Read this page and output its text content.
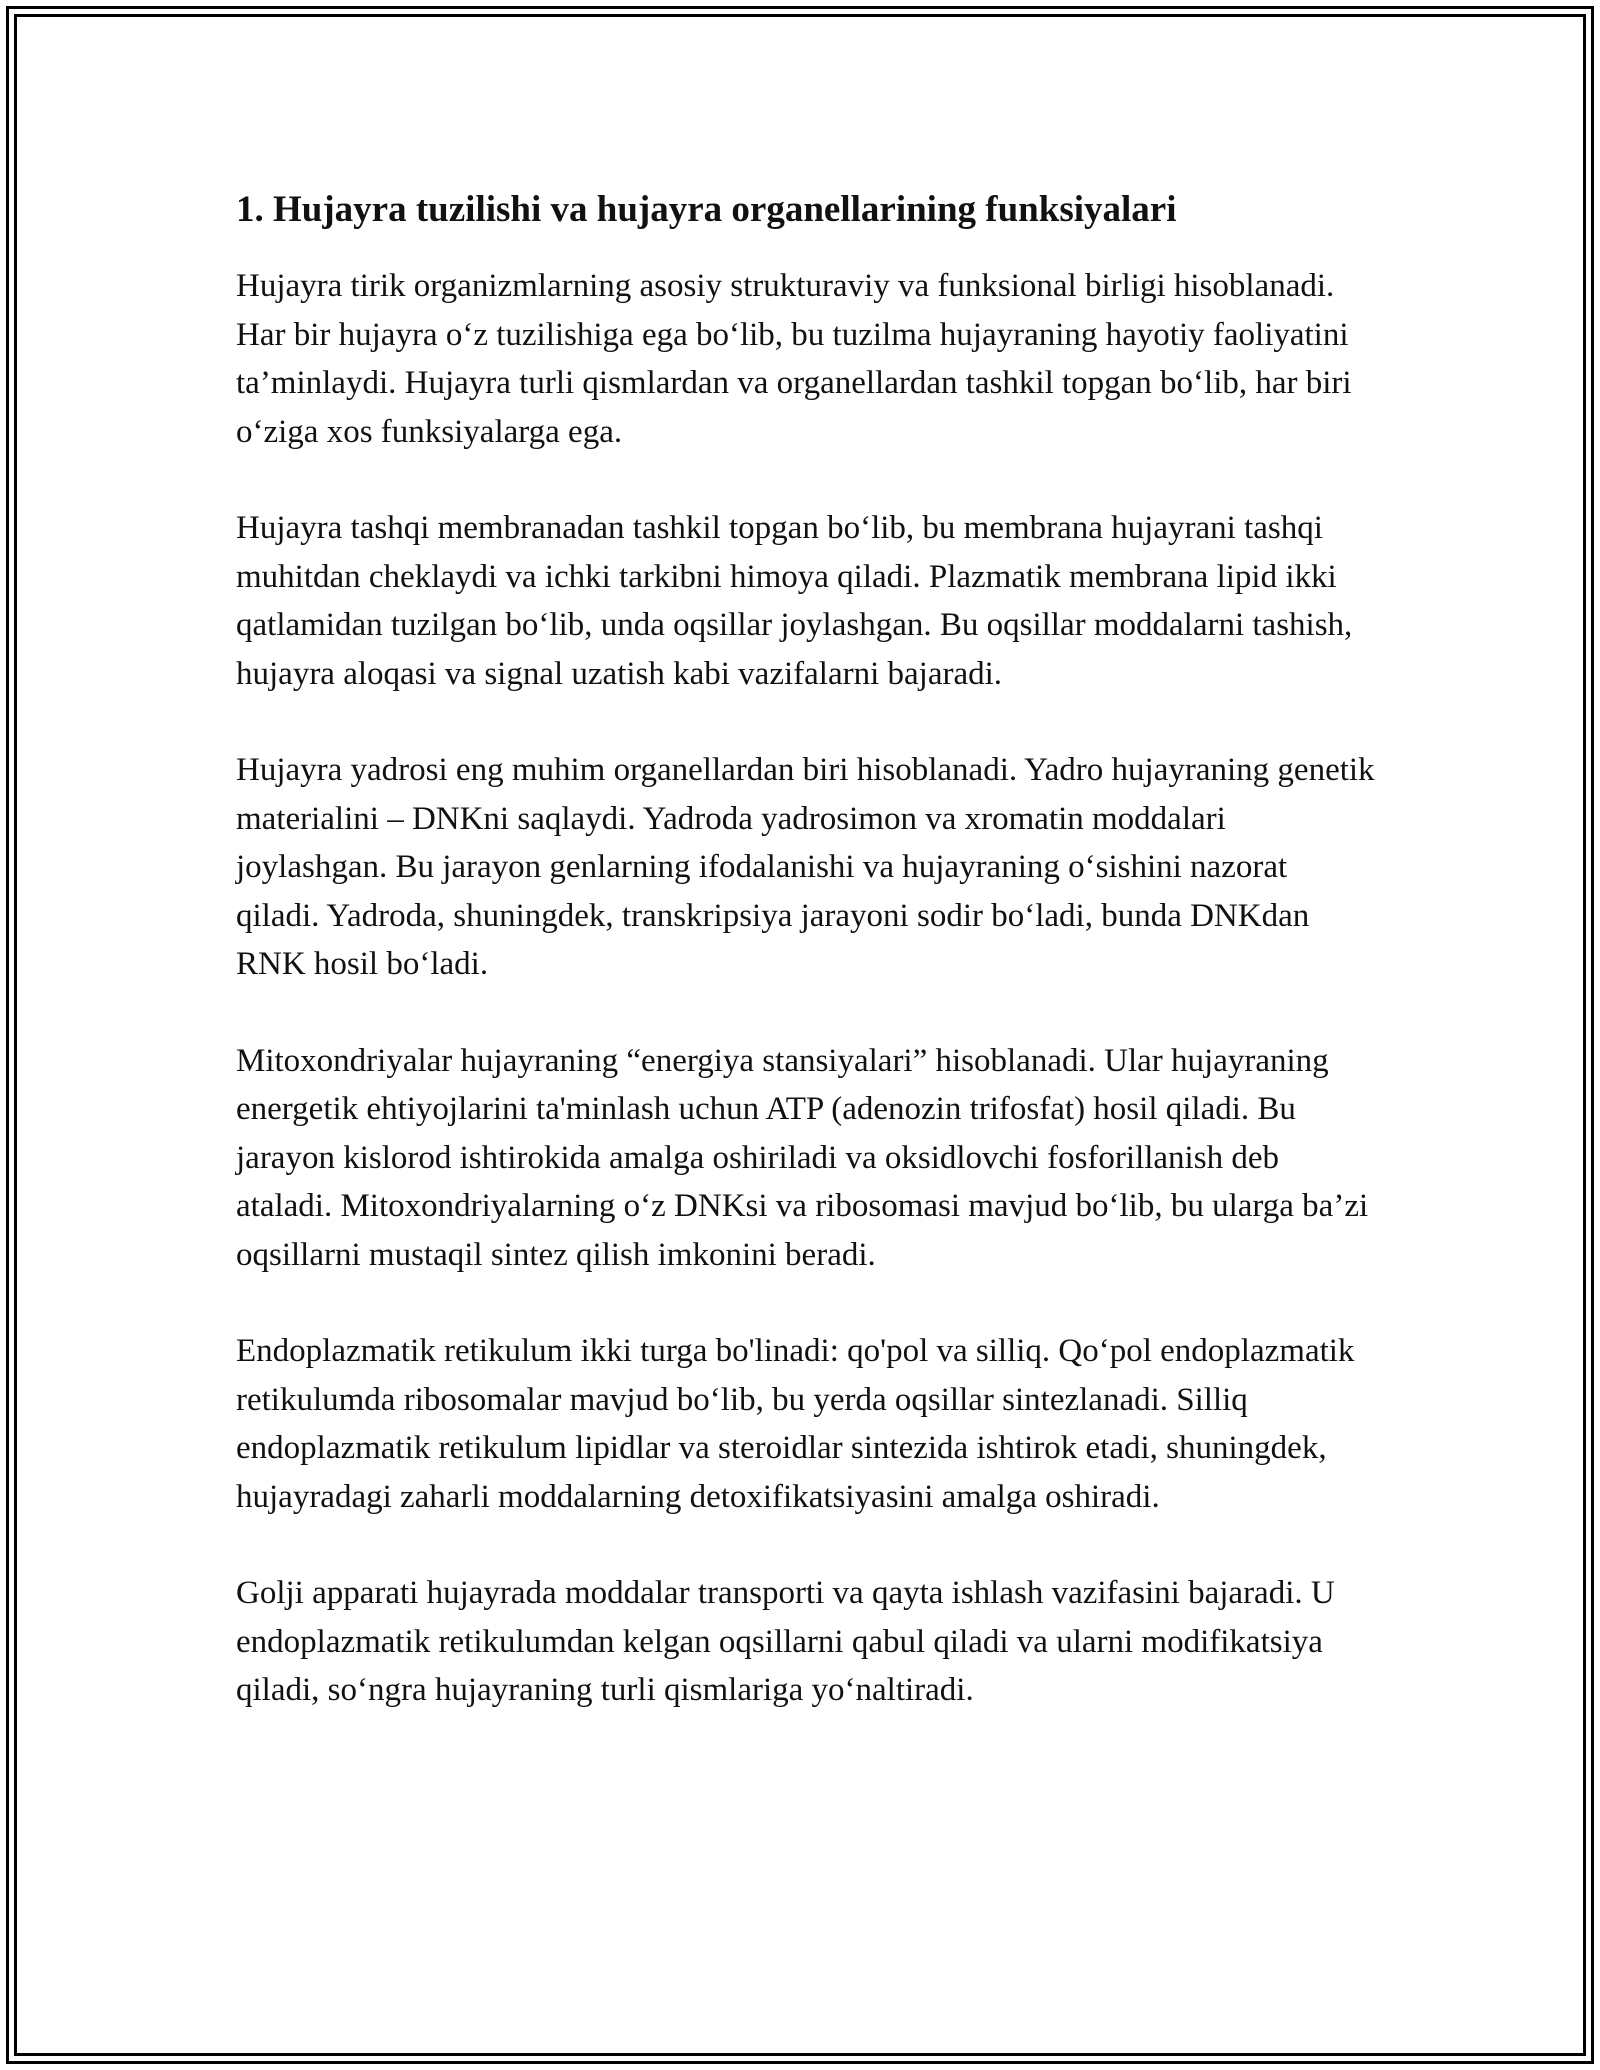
1. Hujayra tuzilishi va hujayra organellarining funksiyalari

Hujayra tirik organizmlarning asosiy strukturaviy va funksional birligi hisoblanadi. Har bir hujayra o‘z tuzilishiga ega bo‘lib, bu tuzilma hujayraning hayotiy faoliyatini ta’minlaydi. Hujayra turli qismlardan va organellardan tashkil topgan bo‘lib, har biri o‘ziga xos funksiyalarga ega.

Hujayra tashqi membranadan tashkil topgan bo‘lib, bu membrana hujayrani tashqi muhitdan cheklaydi va ichki tarkibni himoya qiladi. Plazmatik membrana lipid ikki qatlamidan tuzilgan bo‘lib, unda oqsillar joylashgan. Bu oqsillar moddalarni tashish, hujayra aloqasi va signal uzatish kabi vazifalarni bajaradi.

Hujayra yadrosi eng muhim organellardan biri hisoblanadi. Yadro hujayraning genetik materialini – DNKni saqlaydi. Yadroda yadrosimon va xromatin moddalari joylashgan. Bu jarayon genlarning ifodalanishi va hujayraning o‘sishini nazorat qiladi. Yadroda, shuningdek, transkripsiya jarayoni sodir bo‘ladi, bunda DNKdan RNK hosil bo‘ladi.

Mitoxondriyalar hujayraning “energiya stansiyalari” hisoblanadi. Ular hujayraning energetik ehtiyojlarini ta'minlash uchun ATP (adenozin trifosfat) hosil qiladi. Bu jarayon kislorod ishtirokida amalga oshiriladi va oksidlovchi fosforillanish deb ataladi. Mitoxondriyalarning o‘z DNKsi va ribosomasi mavjud bo‘lib, bu ularga ba’zi oqsillarni mustaqil sintez qilish imkonini beradi.

Endoplazmatik retikulum ikki turga bo'linadi: qo'pol va silliq. Qo‘pol endoplazmatik retikulumda ribosomalar mavjud bo‘lib, bu yerda oqsillar sintezlanadi. Silliq endoplazmatik retikulum lipidlar va steroidlar sintezida ishtirok etadi, shuningdek, hujayradagi zaharli moddalarning detoxifikatsiyasini amalga oshiradi.

Golji apparati hujayrada moddalar transporti va qayta ishlash vazifasini bajaradi. U endoplazmatik retikulumdan kelgan oqsillarni qabul qiladi va ularni modifikatsiya qiladi, so‘ngra hujayraning turli qismlariga yo‘naltiradi.
